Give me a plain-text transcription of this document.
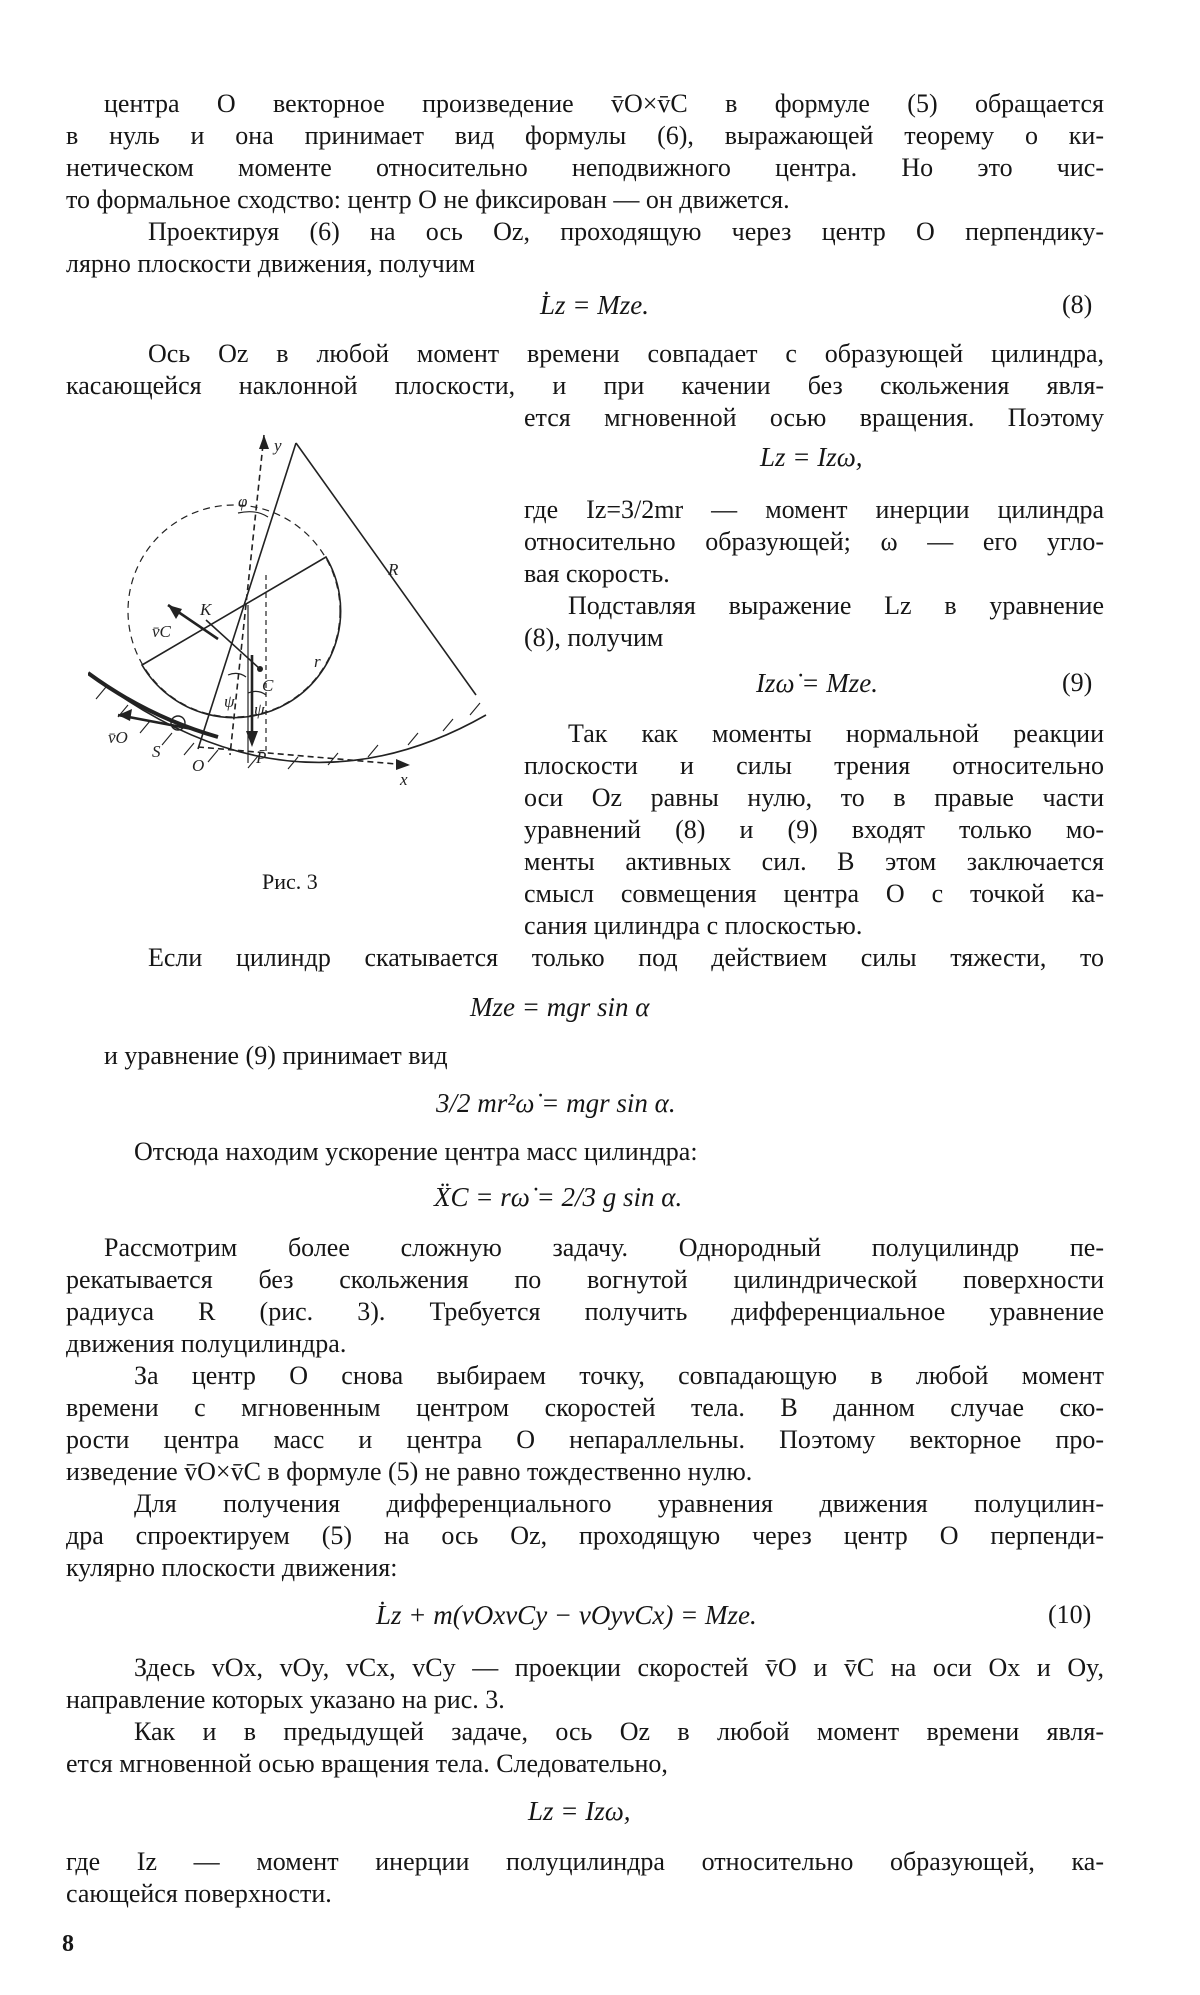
центра O векторное произведение v̄O×v̄C в формуле (5) обращается
в нуль и она принимает вид формулы (6), выражающей теорему о ки-
нетическом моменте относительно неподвижного центра. Но это чис-
то формальное сходство: центр O не фиксирован — он движется.
Проектируя (6) на ось Oz, проходящую через центр O перпендику-
лярно плоскости движения, получим
L̇z = Mze.	(8)
Ось Oz в любой момент времени совпадает с образующей цилиндра,
касающейся наклонной плоскости, и при качении без скольжения явля-
ется мгновенной осью вращения. Поэтому
Lz = Izω,
где Iz=3/2mr — момент инерции цилиндра
относительно образующей; ω — его угло-
вая скорость.
Подставляя выражение Lz в уравнение
(8), получим
Izω̇ = Mze.	(9)
Так как моменты нормальной реакции
плоскости и силы трения относительно
оси Oz равны нулю, то в правые части
уравнений (8) и (9) входят только мо-
менты активных сил. В этом заключается
смысл совмещения центра O с точкой ка-
сания цилиндра с плоскостью.
y
φ
R
K
v̄C
C
ψ ψ
r
v̄O
S
O	P̄
x
Рис. 3
Если цилиндр скатывается только под действием силы тяжести, то
Mze = mgr sin α
и уравнение (9) принимает вид
3/2 mr²ω̇ = mgr sin α.
Отсюда находим ускорение центра масс цилиндра:
ẌC = rω̇ = 2/3 g sin α.
Рассмотрим более сложную задачу. Однородный полуцилиндр пе-
рекатывается без скольжения по вогнутой цилиндрической поверхности
радиуса R (рис. 3). Требуется получить дифференциальное уравнение
движения полуцилиндра.
За центр O снова выбираем точку, совпадающую в любой момент
времени с мгновенным центром скоростей тела. В данном случае ско-
рости центра масс и центра O непараллельны. Поэтому векторное про-
изведение v̄O×v̄C в формуле (5) не равно тождественно нулю.
Для получения дифференциального уравнения движения полуцилин-
дра спроектируем (5) на ось Oz, проходящую через центр O перпенди-
кулярно плоскости движения:
L̇z + m(vOxvCy − vOyvCx) = Mze.	(10)
Здесь vOx, vOy, vCx, vCy — проекции скоростей v̄O и v̄C на оси Ox и Oy,
направление которых указано на рис. 3.
Как и в предыдущей задаче, ось Oz в любой момент времени явля-
ется мгновенной осью вращения тела. Следовательно,
Lz = Izω,
где Iz — момент инерции полуцилиндра относительно образующей, ка-
сающейся поверхности.
8
